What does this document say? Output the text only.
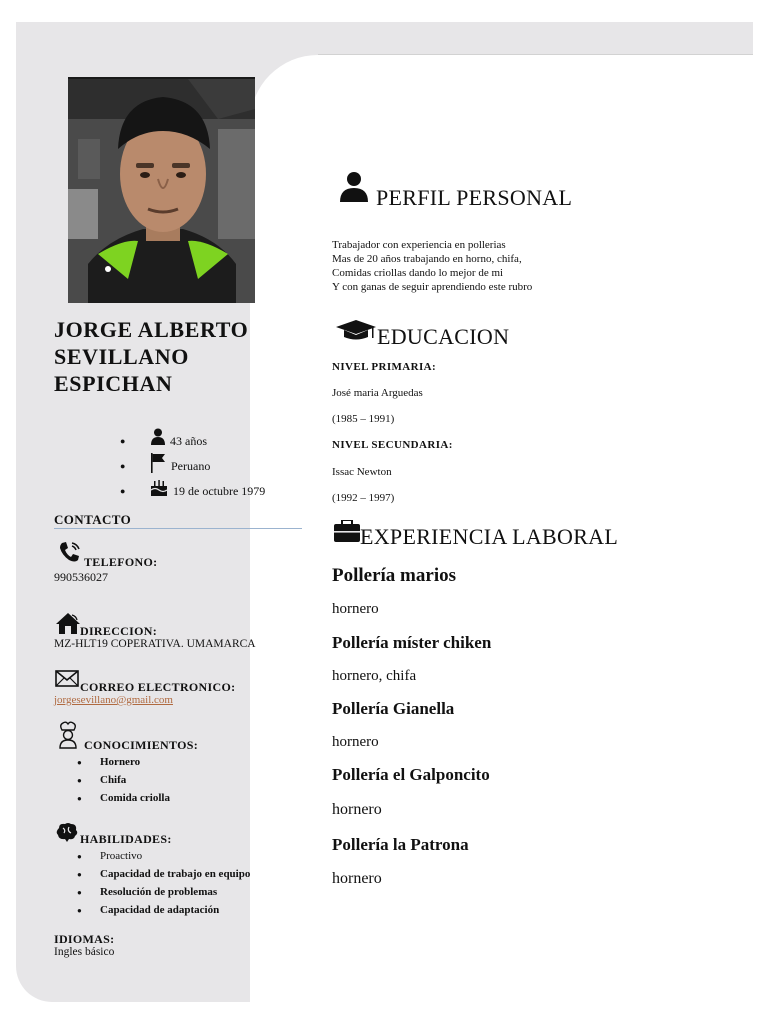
JORGE ALBERTO
SEVILLANO
ESPICHAN
●	43 años
●	Peruano
●	19 de octubre 1979
CONTACTO
TELEFONO:
990536027
DIRECCION:
MZ-HLT19 COPERATIVA. UMAMARCA
CORREO ELECTRONICO:
jorgesevillano@gmail.com
CONOCIMIENTOS:
● Hornero
● Chifa
● Comida criolla
HABILIDADES:
● Proactivo
● Capacidad de trabajo en equipo
● Resolución de problemas
● Capacidad de adaptación
IDIOMAS:
Ingles básico
PERFIL PERSONAL
Trabajador con experiencia en pollerias
Mas de 20 años trabajando en horno, chifa,
Comidas criollas dando lo mejor de mi
Y con ganas de seguir aprendiendo este rubro
EDUCACION
NIVEL PRIMARIA:
José maria Arguedas
(1985 – 1991)
NIVEL SECUNDARIA:
Issac Newton
(1992 – 1997)
EXPERIENCIA LABORAL
Pollería marios
hornero
Pollería míster chiken
hornero, chifa
Pollería Gianella
hornero
Pollería el Galponcito
hornero
Pollería la Patrona
hornero
